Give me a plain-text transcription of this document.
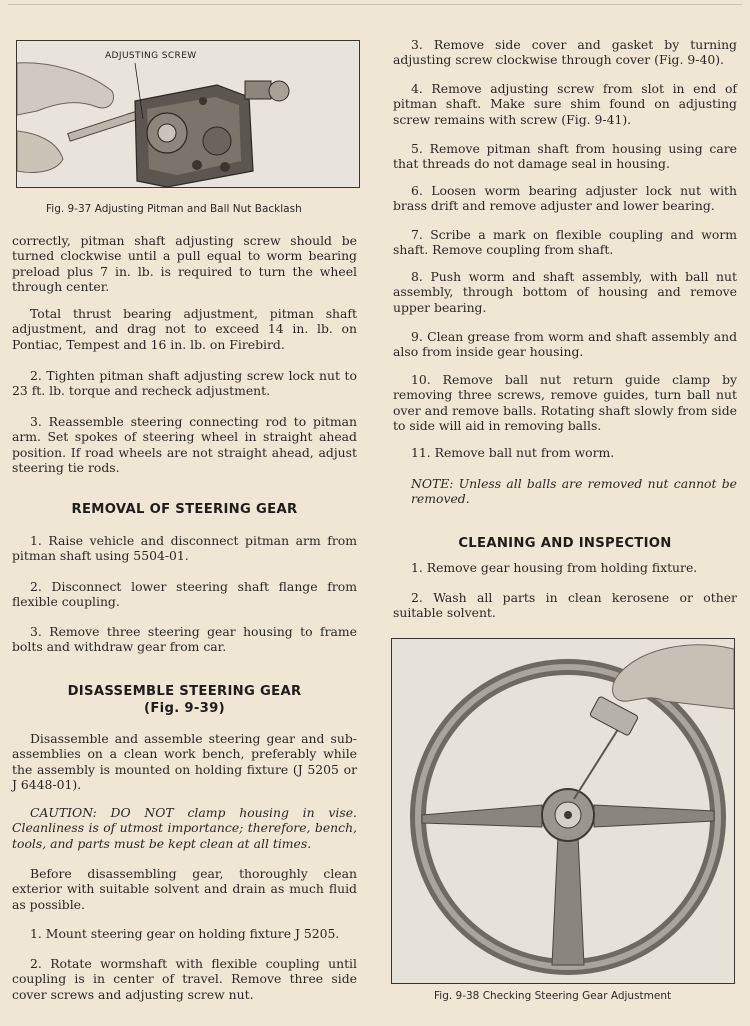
ADJUSTING SCREW
Fig. 9-37 Adjusting Pitman and Ball Nut Backlash

correctly, pitman shaft adjusting screw should be turned clockwise until a pull equal to worm bearing preload plus 7 in. lb. is required to turn the wheel through center.

Total thrust bearing adjustment, pitman shaft adjustment, and drag not to exceed 14 in. lb. on Pontiac, Tempest and 16 in. lb. on Firebird.

2. Tighten pitman shaft adjusting screw lock nut to 23 ft. lb. torque and recheck adjustment.

3. Reassemble steering connecting rod to pitman arm. Set spokes of steering wheel in straight ahead position. If road wheels are not straight ahead, adjust steering tie rods.

REMOVAL OF STEERING GEAR

1. Raise vehicle and disconnect pitman arm from pitman shaft using 5504-01.

2. Disconnect lower steering shaft flange from flexible coupling.

3. Remove three steering gear housing to frame bolts and withdraw gear from car.

DISASSEMBLE STEERING GEAR
(Fig. 9-39)

Disassemble and assemble steering gear and sub-assemblies on a clean work bench, preferably while the assembly is mounted on holding fixture (J 5205 or J 6448-01).

CAUTION: DO NOT clamp housing in vise. Cleanliness is of utmost importance; therefore, bench, tools, and parts must be kept clean at all times.

Before disassembling gear, thoroughly clean exterior with suitable solvent and drain as much fluid as possible.

1. Mount steering gear on holding fixture J 5205.

2. Rotate wormshaft with flexible coupling until coupling is in center of travel. Remove three side cover screws and adjusting screw nut.

3. Remove side cover and gasket by turning adjusting screw clockwise through cover (Fig. 9-40).

4. Remove adjusting screw from slot in end of pitman shaft. Make sure shim found on adjusting screw remains with screw (Fig. 9-41).

5. Remove pitman shaft from housing using care that threads do not damage seal in housing.

6. Loosen worm bearing adjuster lock nut with brass drift and remove adjuster and lower bearing.

7. Scribe a mark on flexible coupling and worm shaft. Remove coupling from shaft.

8. Push worm and shaft assembly, with ball nut assembly, through bottom of housing and remove upper bearing.

9. Clean grease from worm and shaft assembly and also from inside gear housing.

10. Remove ball nut return guide clamp by removing three screws, remove guides, turn ball nut over and remove balls. Rotating shaft slowly from side to side will aid in removing balls.

11. Remove ball nut from worm.

NOTE: Unless all balls are removed nut cannot be removed.

CLEANING AND INSPECTION

1. Remove gear housing from holding fixture.

2. Wash all parts in clean kerosene or other suitable solvent.

Fig. 9-38 Checking Steering Gear Adjustment
